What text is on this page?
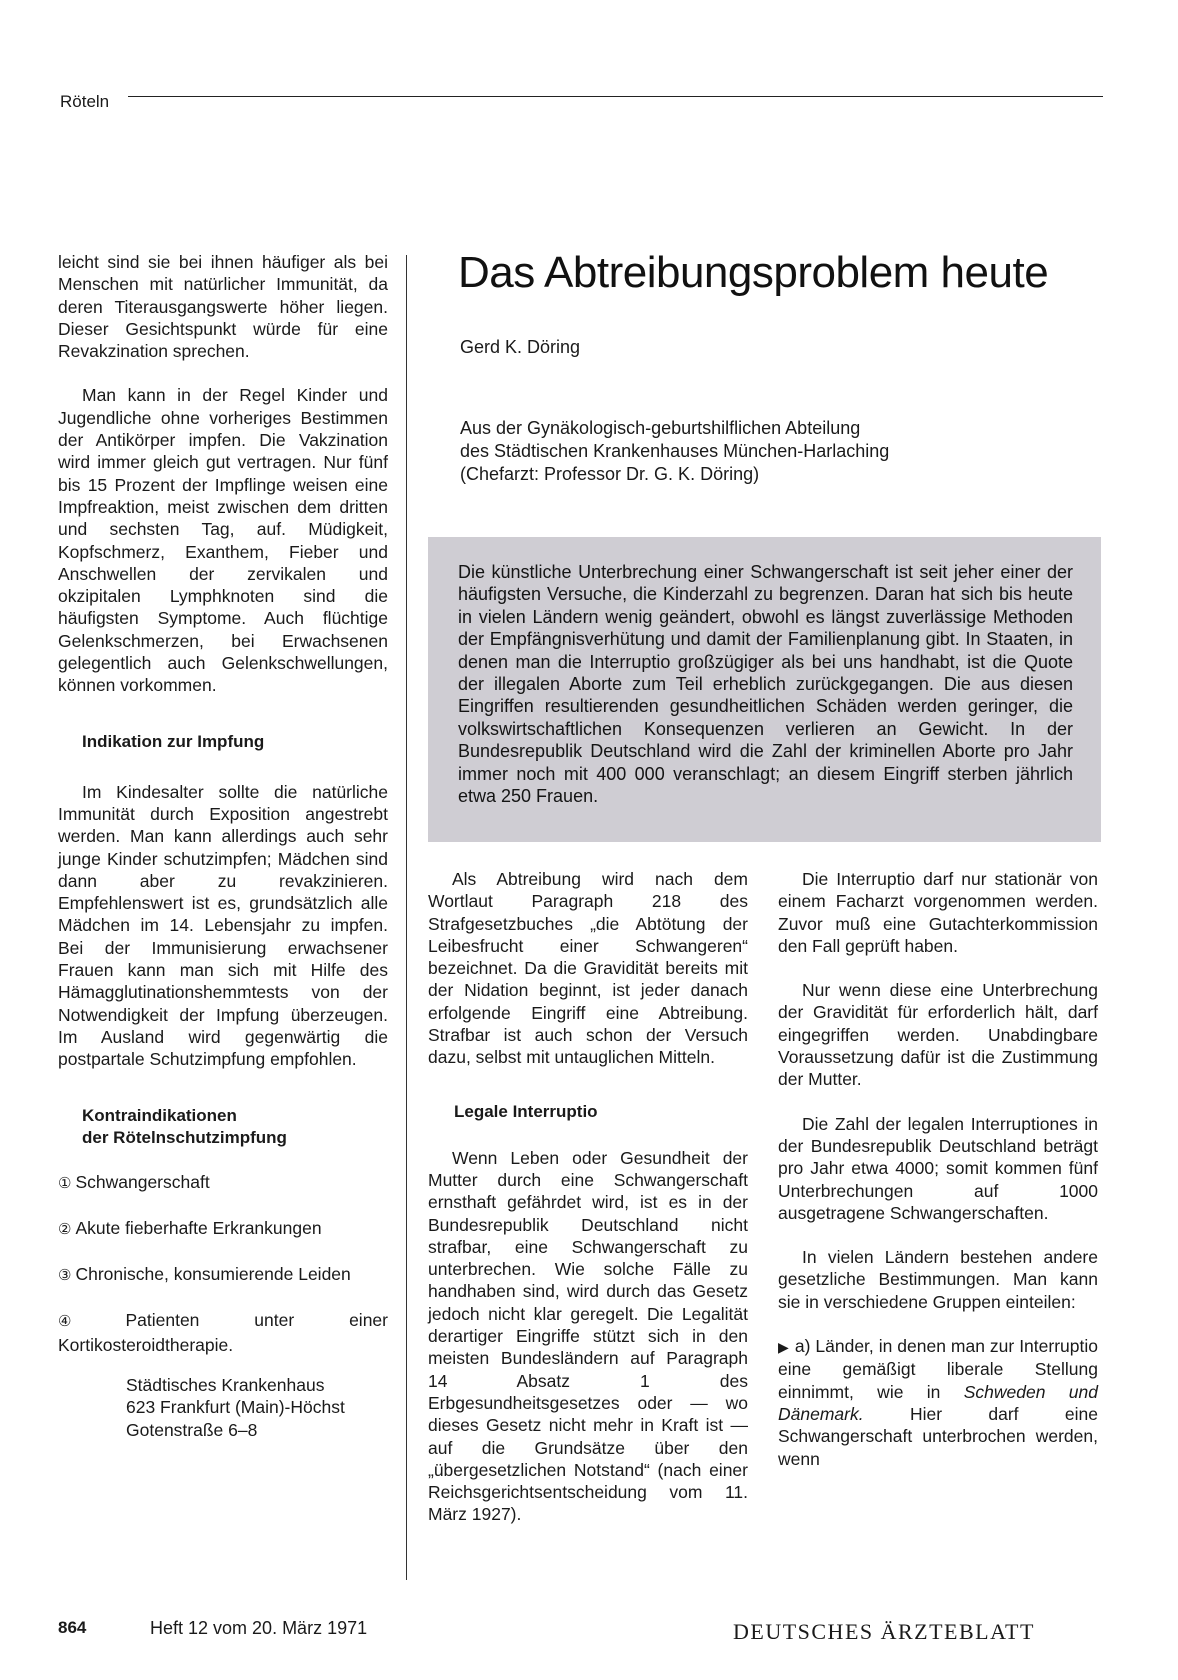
Röteln

leicht sind sie bei ihnen häufiger als bei Menschen mit natürlicher Immunität, da deren Titerausgangswerte höher liegen. Dieser Gesichtspunkt würde für eine Revakzination sprechen.

Man kann in der Regel Kinder und Jugendliche ohne vorheriges Bestimmen der Antikörper impfen. Die Vakzination wird immer gleich gut vertragen. Nur fünf bis 15 Prozent der Impflinge weisen eine Impfreaktion, meist zwischen dem dritten und sechsten Tag, auf. Müdigkeit, Kopfschmerz, Exanthem, Fieber und Anschwellen der zervikalen und okzipitalen Lymphknoten sind die häufigsten Symptome. Auch flüchtige Gelenkschmerzen, bei Erwachsenen gelegentlich auch Gelenkschwellungen, können vorkommen.

Indikation zur Impfung

Im Kindesalter sollte die natürliche Immunität durch Exposition angestrebt werden. Man kann allerdings auch sehr junge Kinder schutzimpfen; Mädchen sind dann aber zu revakzinieren. Empfehlenswert ist es, grundsätzlich alle Mädchen im 14. Lebensjahr zu impfen. Bei der Immunisierung erwachsener Frauen kann man sich mit Hilfe des Hämagglutinationshemmtests von der Notwendigkeit der Impfung überzeugen. Im Ausland wird gegenwärtig die postpartale Schutzimpfung empfohlen.

Kontraindikationen
der Rötelnschutzimpfung

① Schwangerschaft

② Akute fieberhafte Erkrankungen

③ Chronische, konsumierende Leiden

④ Patienten unter einer Kortikosteroidtherapie.

Städtisches Krankenhaus
623 Frankfurt (Main)-Höchst
Gotenstraße 6–8

Das Abtreibungsproblem heute
Gerd K. Döring
Aus der Gynäkologisch-geburtshilflichen Abteilung
des Städtischen Krankenhauses München-Harlaching
(Chefarzt: Professor Dr. G. K. Döring)
Die künstliche Unterbrechung einer Schwangerschaft ist seit jeher einer der häufigsten Versuche, die Kinderzahl zu begrenzen. Daran hat sich bis heute in vielen Ländern wenig geändert, obwohl es längst zuverlässige Methoden der Empfängnisverhütung und damit der Familienplanung gibt. In Staaten, in denen man die Interruptio großzügiger als bei uns handhabt, ist die Quote der illegalen Aborte zum Teil erheblich zurückgegangen. Die aus diesen Eingriffen resultierenden gesundheitlichen Schäden werden geringer, die volkswirtschaftlichen Konsequenzen verlieren an Gewicht. In der Bundesrepublik Deutschland wird die Zahl der kriminellen Aborte pro Jahr immer noch mit 400 000 veranschlagt; an diesem Eingriff sterben jährlich etwa 250 Frauen.

Als Abtreibung wird nach dem Wortlaut Paragraph 218 des Strafgesetzbuches „die Abtötung der Leibesfrucht einer Schwangeren“ bezeichnet. Da die Gravidität bereits mit der Nidation beginnt, ist jeder danach erfolgende Eingriff eine Abtreibung. Strafbar ist auch schon der Versuch dazu, selbst mit untauglichen Mitteln.

Legale Interruptio

Wenn Leben oder Gesundheit der Mutter durch eine Schwangerschaft ernsthaft gefährdet wird, ist es in der Bundesrepublik Deutschland nicht strafbar, eine Schwangerschaft zu unterbrechen. Wie solche Fälle zu handhaben sind, wird durch das Gesetz jedoch nicht klar geregelt. Die Legalität derartiger Eingriffe stützt sich in den meisten Bundesländern auf Paragraph 14 Absatz 1 des Erbgesundheitsgesetzes oder — wo dieses Gesetz nicht mehr in Kraft ist — auf die Grundsätze über den „übergesetzlichen Notstand“ (nach einer Reichsgerichtsentscheidung vom 11. März 1927).

Die Interruptio darf nur stationär von einem Facharzt vorgenommen werden. Zuvor muß eine Gutachterkommission den Fall geprüft haben.

Nur wenn diese eine Unterbrechung der Gravidität für erforderlich hält, darf eingegriffen werden. Unabdingbare Voraussetzung dafür ist die Zustimmung der Mutter.

Die Zahl der legalen Interruptiones in der Bundesrepublik Deutschland beträgt pro Jahr etwa 4000; somit kommen fünf Unterbrechungen auf 1000 ausgetragene Schwangerschaften.

In vielen Ländern bestehen andere gesetzliche Bestimmungen. Man kann sie in verschiedene Gruppen einteilen:

▶ a) Länder, in denen man zur Interruptio eine gemäßigt liberale Stellung einnimmt, wie in Schweden und Dänemark. Hier darf eine Schwangerschaft unterbrochen werden, wenn

864	Heft 12 vom 20. März 1971	DEUTSCHES ÄRZTEBLATT
